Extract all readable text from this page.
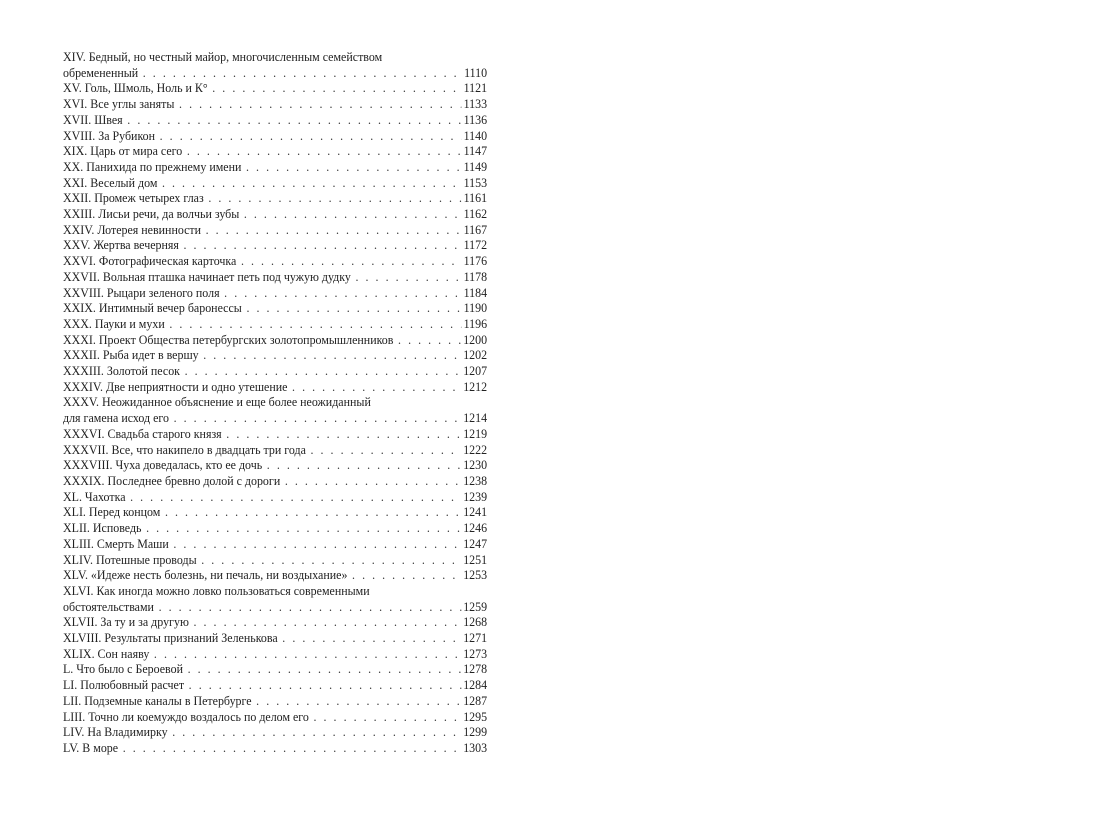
XIV. Бедный, но честный майор, многочисленным семейством
обремененный . . .	1110
XV. Голь, Шмоль, Ноль и К° . . .	1121
XVI. Все углы заняты . . .	1133
XVII. Швея . . .	1136
XVIII. За Рубикон . . .	1140
XIX. Царь от мира сего . . .	1147
XX. Панихида по прежнему имени . . .	1149
XXI. Веселый дом . . .	1153
XXII. Промеж четырех глаз . . .	1161
XXIII. Лисьи речи, да волчьи зубы . . .	1162
XXIV. Лотерея невинности . . .	1167
XXV. Жертва вечерняя . . .	1172
XXVI. Фотографическая карточка . . .	1176
XXVII. Вольная пташка начинает петь под чужую дудку . . .	1178
XXVIII. Рыцари зеленого поля . . .	1184
XXIX. Интимный вечер баронессы . . .	1190
XXX. Пауки и мухи . . .	1196
XXXI. Проект Общества петербургских золотопромышленников . . .	1200
XXXII. Рыба идет в вершу . . .	1202
XXXIII. Золотой песок . . .	1207
XXXIV. Две неприятности и одно утешение . . .	1212
XXXV. Неожиданное объяснение и еще более неожиданный
для гамена исход его . . .	1214
XXXVI. Свадьба старого князя . . .	1219
XXXVII. Все, что накипело в двадцать три года . . .	1222
XXXVIII. Чуха доведалась, кто ее дочь . . .	1230
XXXIX. Последнее бревно долой с дороги . . .	1238
XL. Чахотка . . .	1239
XLI. Перед концом . . .	1241
XLII. Исповедь . . .	1246
XLIII. Смерть Маши . . .	1247
XLIV. Потешные проводы . . .	1251
XLV. «Идеже несть болезнь, ни печаль, ни воздыхание» . . .	1253
XLVI. Как иногда можно ловко пользоваться современными
обстоятельствами . . .	1259
XLVII. За ту и за другую . . .	1268
XLVIII. Результаты признаний Зеленькова . . .	1271
XLIX. Сон наяву . . .	1273
L. Что было с Бероевой . . .	1278
LI. Полюбовный расчет . . .	1284
LII. Подземные каналы в Петербурге . . .	1287
LIII. Точно ли коемуждо воздалось по делом его . . .	1295
LIV. На Владимирку . . .	1299
LV. В море . . .	1303
